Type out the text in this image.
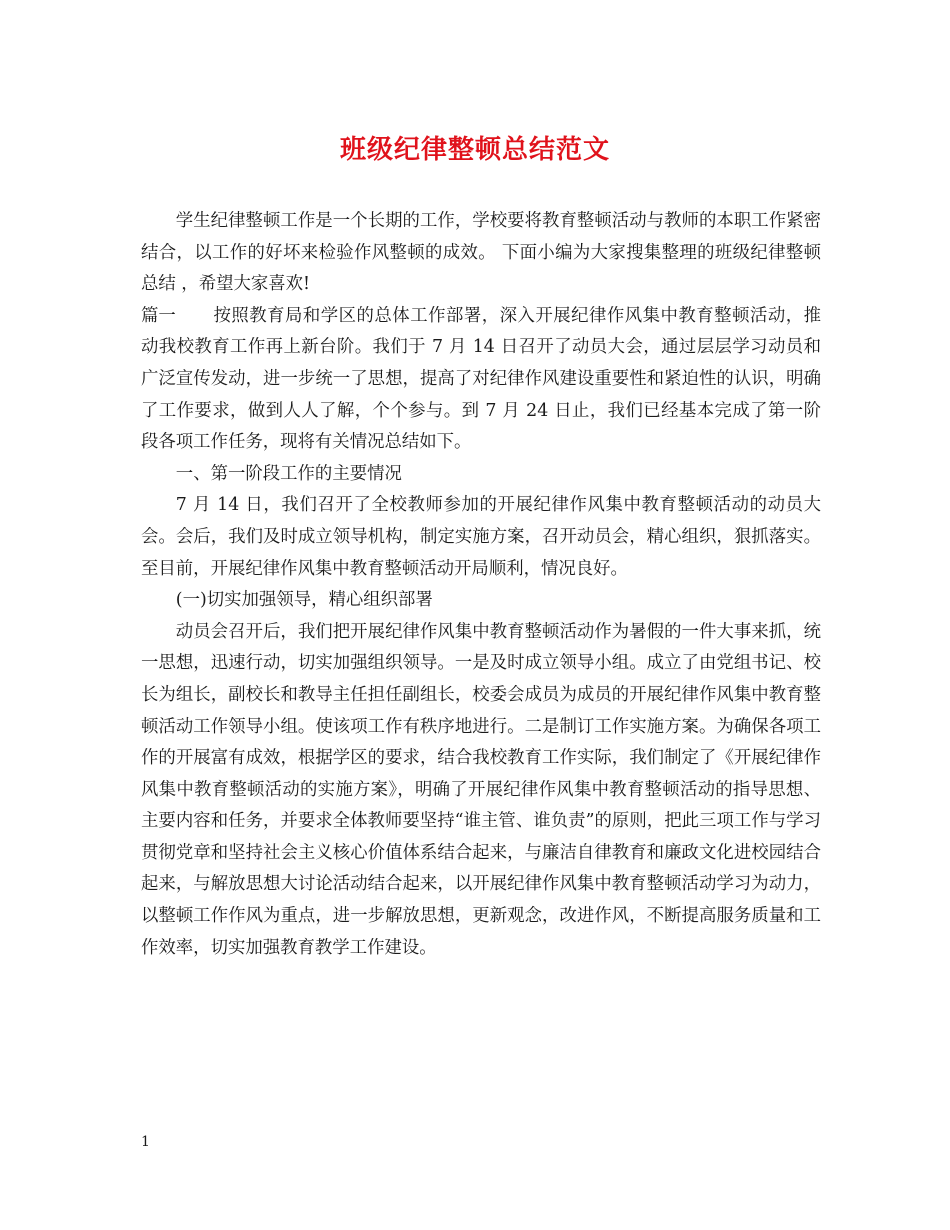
班级纪律整顿总结范文

学生纪律整顿工作是一个长期的工作，学校要将教育整顿活动与教师的本职工作紧密结合，以工作的好坏来检验作风整顿的成效。 下面小编为大家搜集整理的班级纪律整顿总结 ，希望大家喜欢!

篇一 按照教育局和学区的总体工作部署，深入开展纪律作风集中教育整顿活动，推动我校教育工作再上新台阶。我们于 7 月 14 日召开了动员大会，通过层层学习动员和广泛宣传发动，进一步统一了思想，提高了对纪律作风建设重要性和紧迫性的认识，明确了工作要求，做到人人了解，个个参与。到 7 月 24 日止，我们已经基本完成了第一阶段各项工作任务，现将有关情况总结如下。

一、第一阶段工作的主要情况

7 月 14 日，我们召开了全校教师参加的开展纪律作风集中教育整顿活动的动员大会。会后，我们及时成立领导机构，制定实施方案，召开动员会，精心组织，狠抓落实。至目前，开展纪律作风集中教育整顿活动开局顺利，情况良好。

(一)切实加强领导，精心组织部署

动员会召开后，我们把开展纪律作风集中教育整顿活动作为暑假的一件大事来抓，统一思想，迅速行动，切实加强组织领导。一是及时成立领导小组。成立了由党组书记、校长为组长，副校长和教导主任担任副组长，校委会成员为成员的开展纪律作风集中教育整顿活动工作领导小组。使该项工作有秩序地进行。二是制订工作实施方案。为确保各项工作的开展富有成效，根据学区的要求，结合我校教育工作实际，我们制定了《开展纪律作风集中教育整顿活动的实施方案》，明确了开展纪律作风集中教育整顿活动的指导思想、主要内容和任务，并要求全体教师要坚持“谁主管、谁负责”的原则，把此三项工作与学习贯彻党章和坚持社会主义核心价值体系结合起来，与廉洁自律教育和廉政文化进校园结合起来，与解放思想大讨论活动结合起来，以开展纪律作风集中教育整顿活动学习为动力，以整顿工作作风为重点，进一步解放思想，更新观念，改进作风，不断提高服务质量和工作效率，切实加强教育教学工作建设。

1
